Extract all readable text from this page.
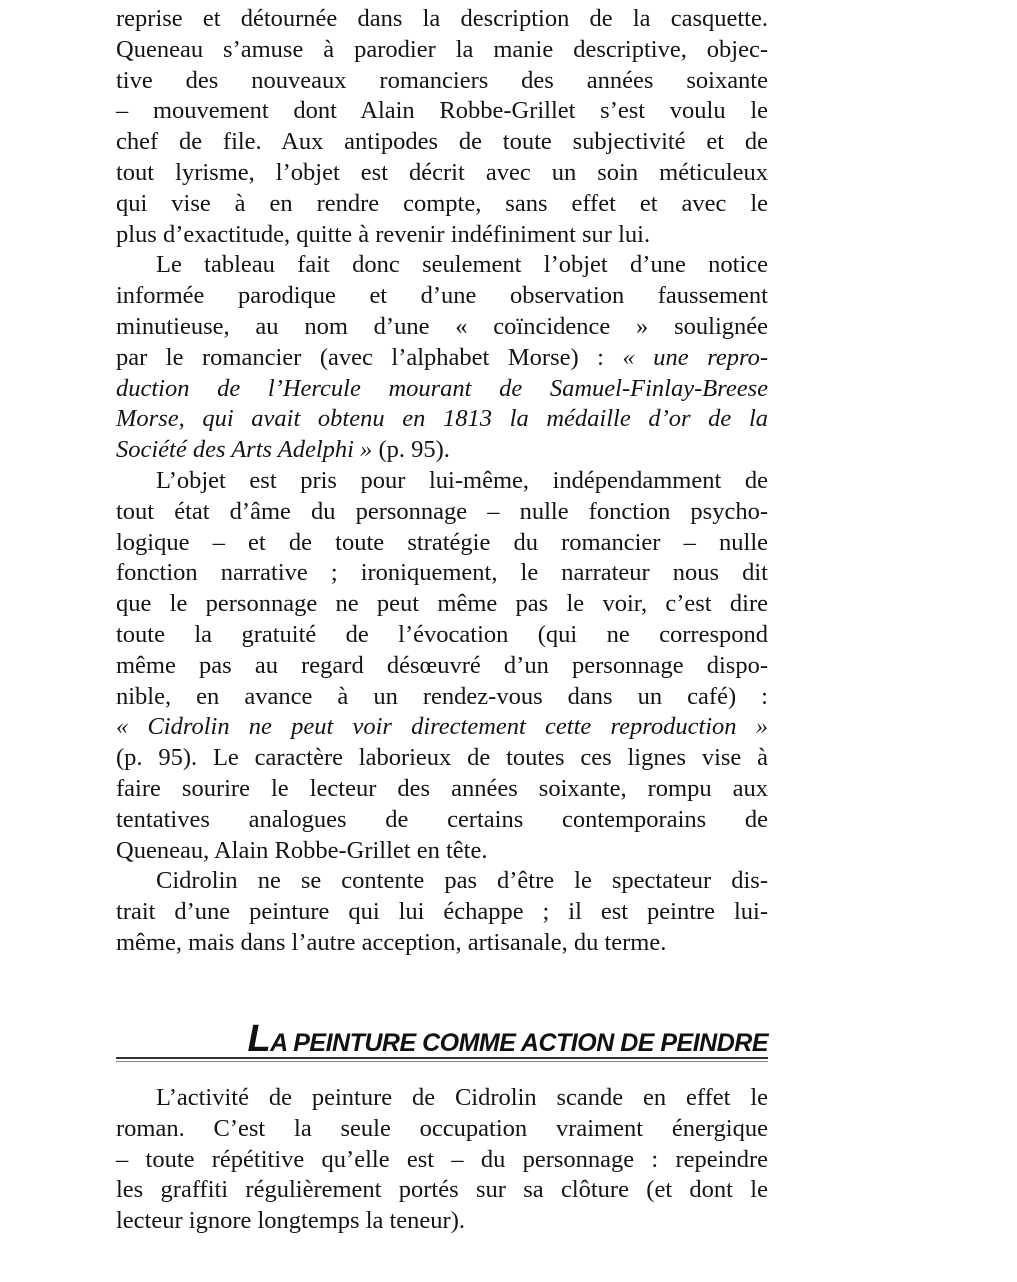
reprise et détournée dans la description de la casquette.
Queneau s’amuse à parodier la manie descriptive, objec-
tive des nouveaux romanciers des années soixante
– mouvement dont Alain Robbe-Grillet s’est voulu le
chef de file. Aux antipodes de toute subjectivité et de
tout lyrisme, l’objet est décrit avec un soin méticuleux
qui vise à en rendre compte, sans effet et avec le
plus d’exactitude, quitte à revenir indéfiniment sur lui.

Le tableau fait donc seulement l’objet d’une notice
informée parodique et d’une observation faussement
minutieuse, au nom d’une « coïncidence » soulignée
par le romancier (avec l’alphabet Morse) : « une repro-
duction de l’Hercule mourant de Samuel-Finlay-Breese
Morse, qui avait obtenu en 1813 la médaille d’or de la
Société des Arts Adelphi » (p. 95).

L’objet est pris pour lui-même, indépendamment de
tout état d’âme du personnage – nulle fonction psycho-
logique – et de toute stratégie du romancier – nulle
fonction narrative ; ironiquement, le narrateur nous dit
que le personnage ne peut même pas le voir, c’est dire
toute la gratuité de l’évocation (qui ne correspond
même pas au regard désœuvré d’un personnage dispo-
nible, en avance à un rendez-vous dans un café) :
« Cidrolin ne peut voir directement cette reproduction »
(p. 95). Le caractère laborieux de toutes ces lignes vise à
faire sourire le lecteur des années soixante, rompu aux
tentatives analogues de certains contemporains de
Queneau, Alain Robbe-Grillet en tête.

Cidrolin ne se contente pas d’être le spectateur dis-
trait d’une peinture qui lui échappe ; il est peintre lui-
même, mais dans l’autre acception, artisanale, du terme.

LA PEINTURE COMME ACTION DE PEINDRE

L’activité de peinture de Cidrolin scande en effet le
roman. C’est la seule occupation vraiment énergique
– toute répétitive qu’elle est – du personnage : repeindre
les graffiti régulièrement portés sur sa clôture (et dont le
lecteur ignore longtemps la teneur).
